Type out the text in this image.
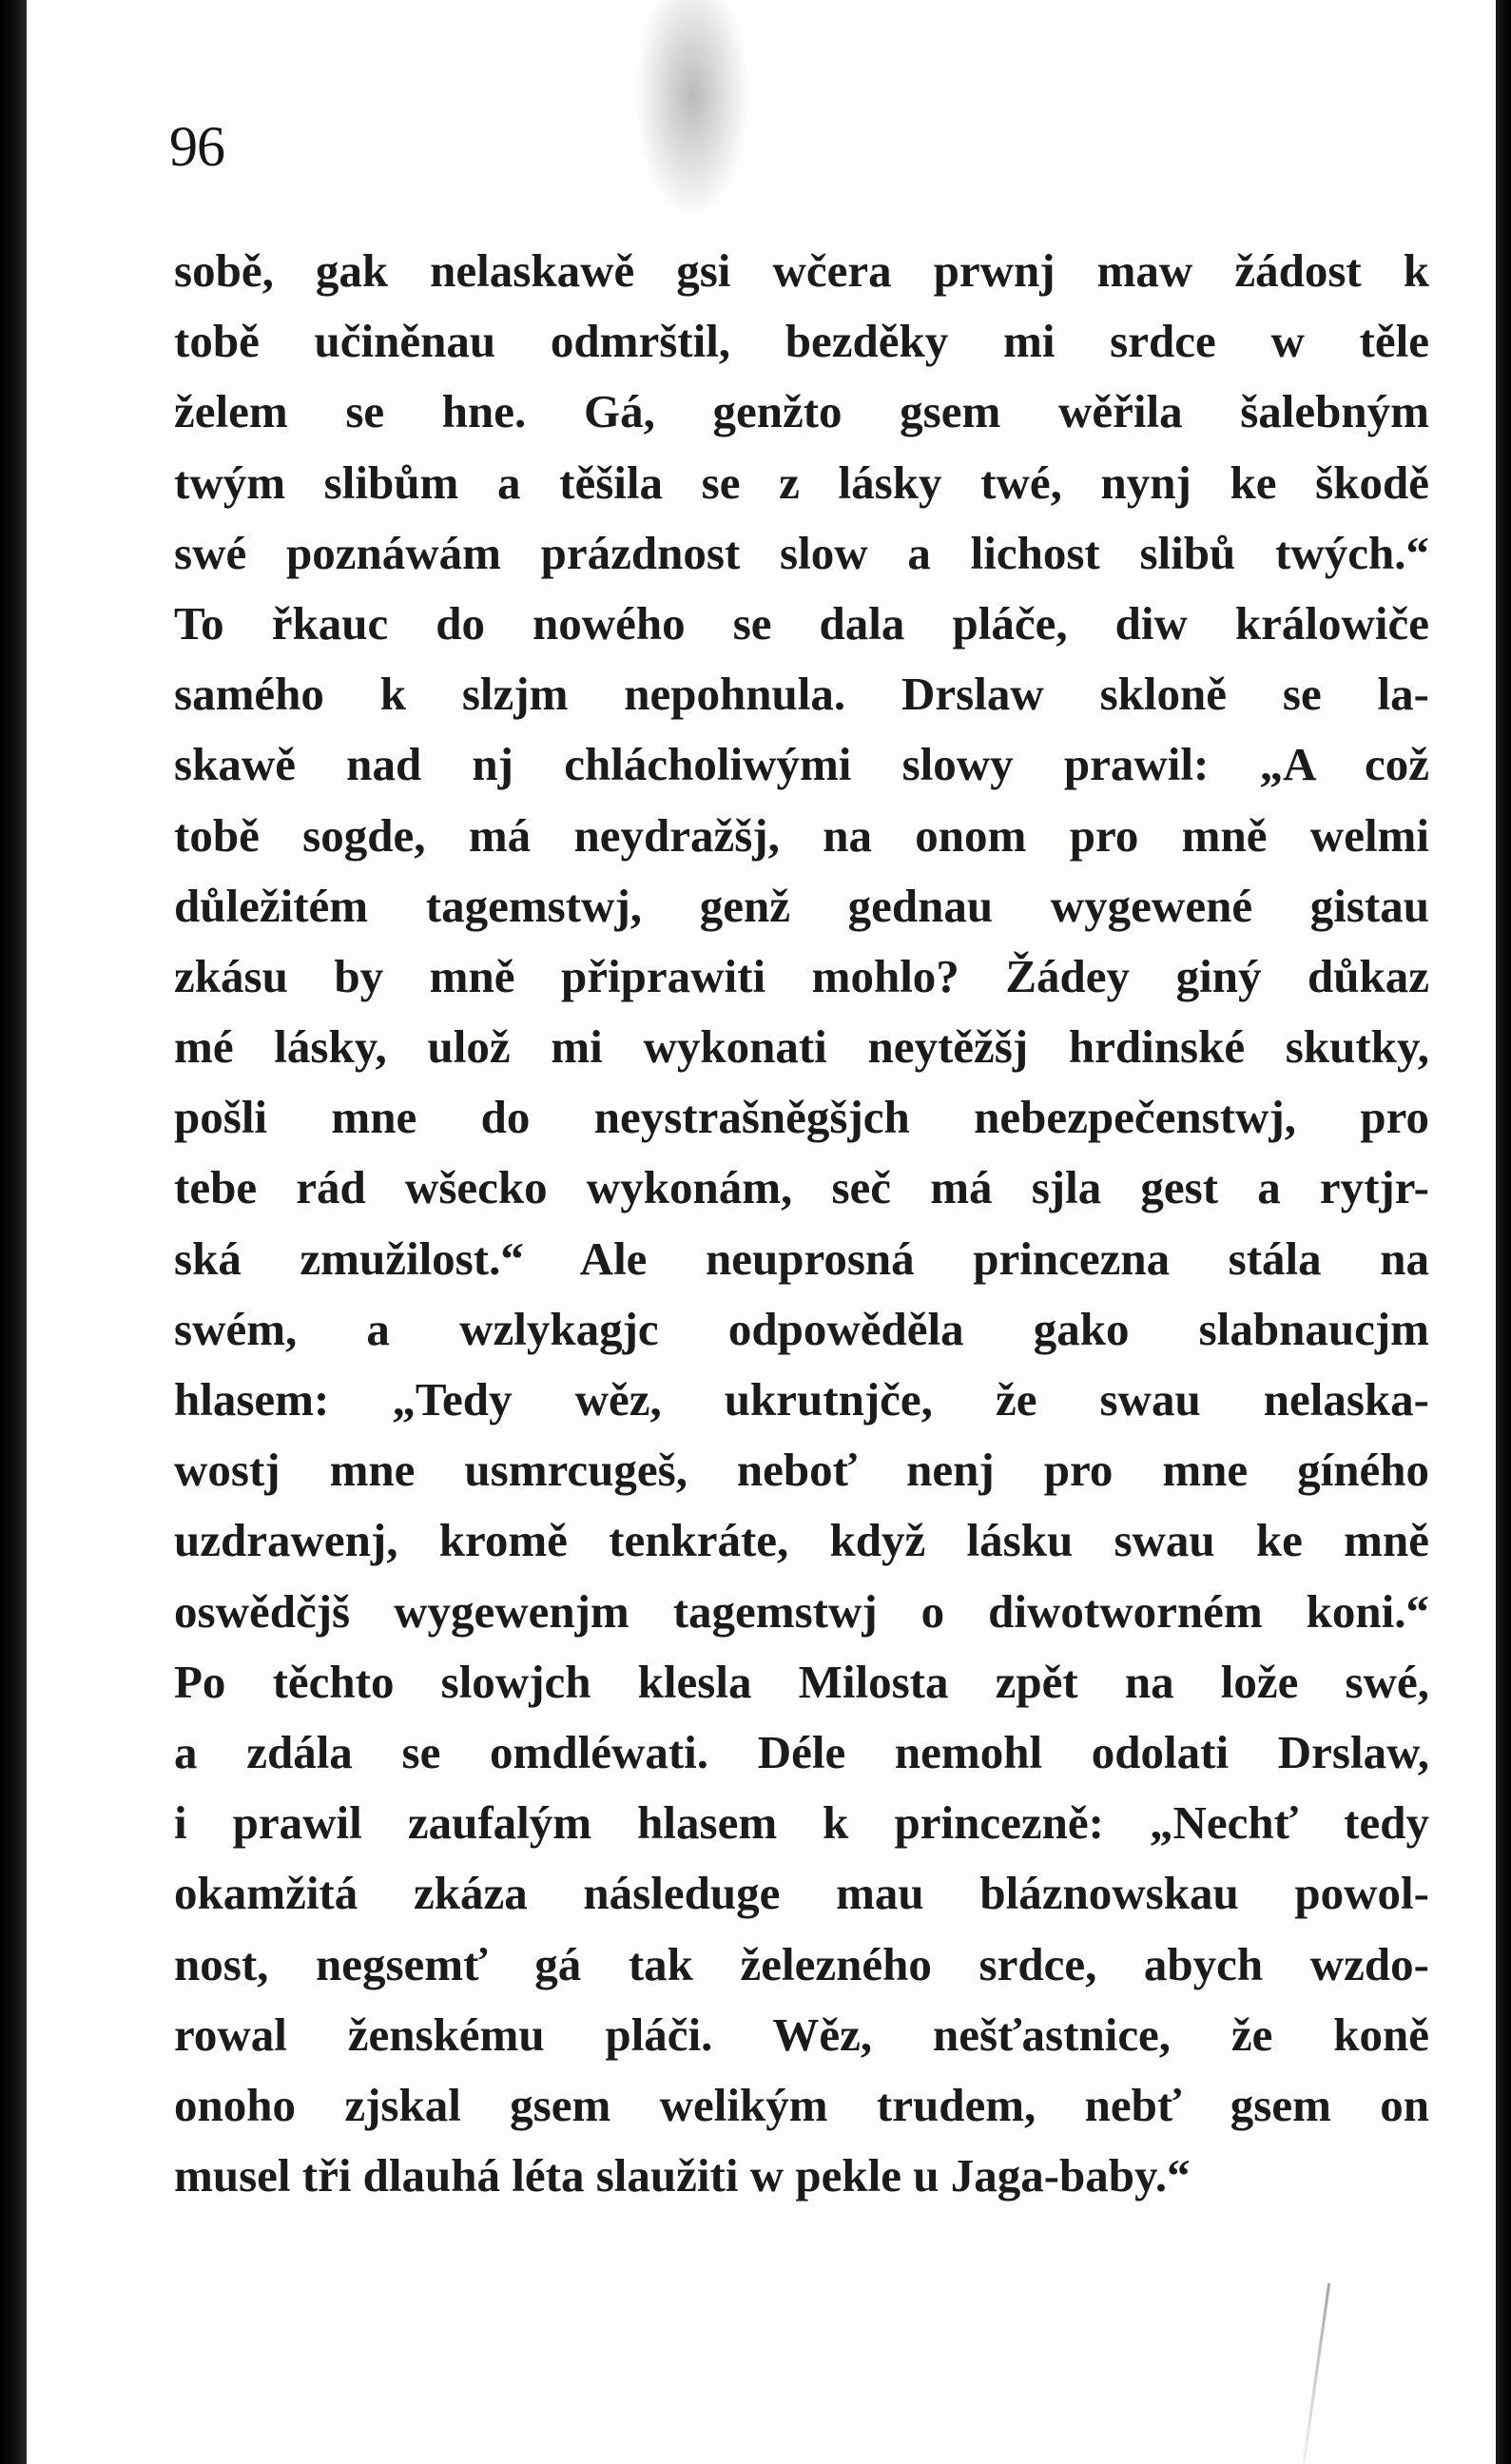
96
sobě, gak nelaskawě gsi wčera prwnj maw žádost k
tobě učiněnau odmrštil, bezděky mi srdce w těle
želem se hne. Gá, genžto gsem wěřila šalebným
twým slibům a těšila se z lásky twé, nynj ke škodě
swé poznáwám prázdnost slow a lichost slibů twých.“
To řkauc do nowého se dala pláče, diw králowiče
samého k slzjm nepohnula. Drslaw skloně se la-
skawě nad nj chlácholiwými slowy prawil: „A což
tobě sogde, má neydražšj, na onom pro mně welmi
důležitém tagemstwj, genž gednau wygewené gistau
zkásu by mně připrawiti mohlo? Žádey giný důkaz
mé lásky, ulož mi wykonati neytěžšj hrdinské skutky,
pošli mne do neystrašněgšjch nebezpečenstwj, pro
tebe rád wšecko wykonám, seč má sjla gest a rytjr-
ská zmužilost.“ Ale neuprosná princezna stála na
swém, a wzlykagjc odpowěděla gako slabnaucjm
hlasem: „Tedy wěz, ukrutnjče, že swau nelaska-
wostj mne usmrcugeš, neboť nenj pro mne gíného
uzdrawenj, kromě tenkráte, když lásku swau ke mně
oswědčjš wygewenjm tagemstwj o diwotworném koni.“
Po těchto slowjch klesla Milosta zpět na lože swé,
a zdála se omdléwati. Déle nemohl odolati Drslaw,
i prawil zaufalým hlasem k princezně: „Nechť tedy
okamžitá zkáza následuge mau bláznowskau powol-
nost, negsemť gá tak železného srdce, abych wzdo-
rowal ženskému pláči. Wěz, nešťastnice, že koně
onoho zjskal gsem welikým trudem, nebť gsem on
musel tři dlauhá léta slaužiti w pekle u Jaga-baby.“
